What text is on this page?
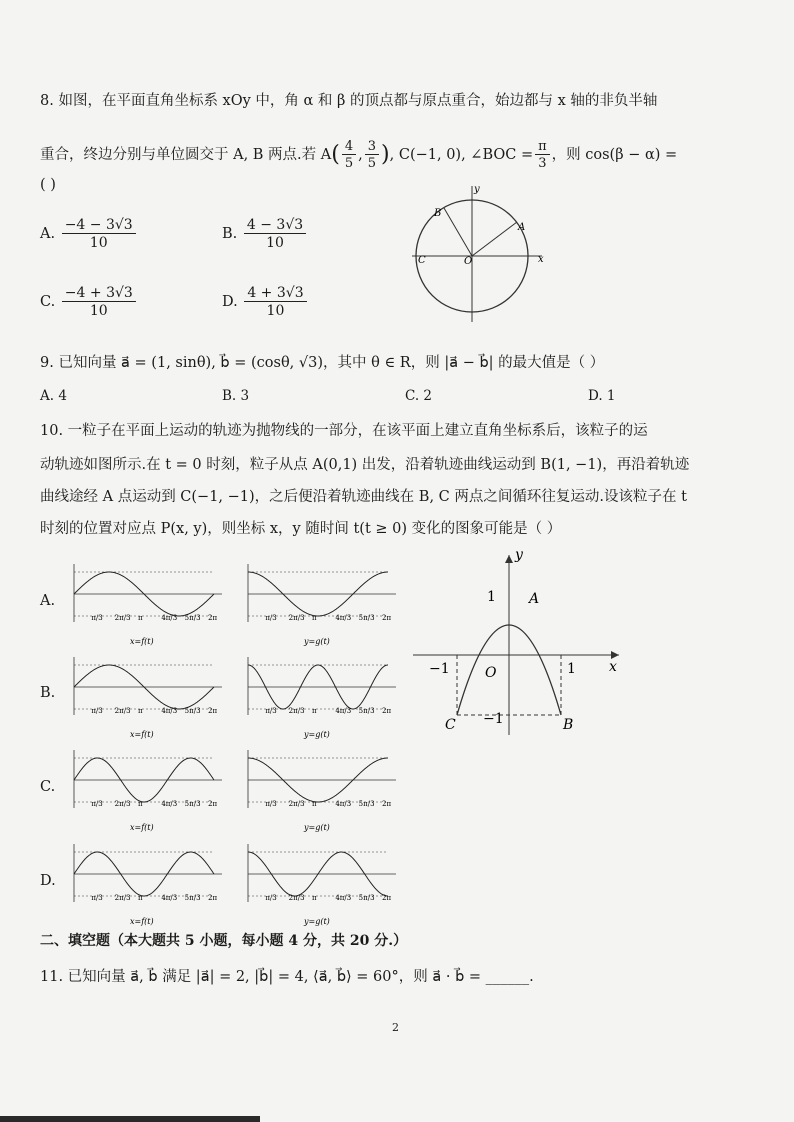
8. 如图，在平面直角坐标系 xOy 中，角 α 和 β 的顶点都与原点重合，始边都与 x 轴的非负半轴
重合，终边分别与单位圆交于 A, B 两点.若 $A( \frac{4}{5}$ , $\frac{3}{5}$ ), C(−1, 0), ∠BOC = $\frac{\pi}{3}$ ，则 cos(β − α) =
( )
A. $\frac{-4 - 3√3}{10}$	B. $\frac{4 - 3√3}{10}$
C. $\frac{-4 + 3√3}{10}$	D. $\frac{4 + 3√3}{10}$
y
x
B
A
C	O
9. 已知向量 a⃗ = (1, sinθ), b⃗ = (cosθ, √3)，其中 θ ∈ R，则 |a⃗ − b⃗| 的最大值是（ ）
A. 4	B. 3	C. 2	D. 1
10. 一粒子在平面上运动的轨迹为抛物线的一部分，在该平面上建立直角坐标系后，该粒子的运
动轨迹如图所示.在 t = 0 时刻，粒子从点 A(0,1) 出发，沿着轨迹曲线运动到 B(1, −1)，再沿着轨迹
曲线途经 A 点运动到 C(−1, −1)，之后便沿着轨迹曲线在 B, C 两点之间循环往复运动.设该粒子在 t
时刻的位置对应点 P(x, y)，则坐标 x，y 随时间 t(t ≥ 0) 变化的图象可能是（ ）
A.
B.
C.
D.
π/3 2π/3 π	4π/3 5π/3 2π
x=f(t)
π/3 2π/3 π	4π/3 5π/3 2π
y=g(t)
π/3 2π/3 π	4π/3 5π/3 2π
x=f(t)
π/3 2π/3 π	4π/3 5π/3 2π
y=g(t)
π/3 2π/3 π	4π/3 5π/3 2π
x=f(t)
π/3 2π/3 π	4π/3 5π/3 2π
y=g(t)
π/3 2π/3 π	4π/3 5π/3 2π
x=f(t)
π/3 2π/3 π	4π/3 5π/3 2π
y=g(t)
y
x
1 A
−1	O	1
−1
C	B
二、填空题（本大题共 5 小题，每小题 4 分，共 20 分.）
11. 已知向量 a⃗, b⃗ 满足 |a⃗| = 2, |b⃗| = 4, ⟨a⃗, b⃗⟩ = 60°，则 a⃗ · b⃗ = ______.
2
